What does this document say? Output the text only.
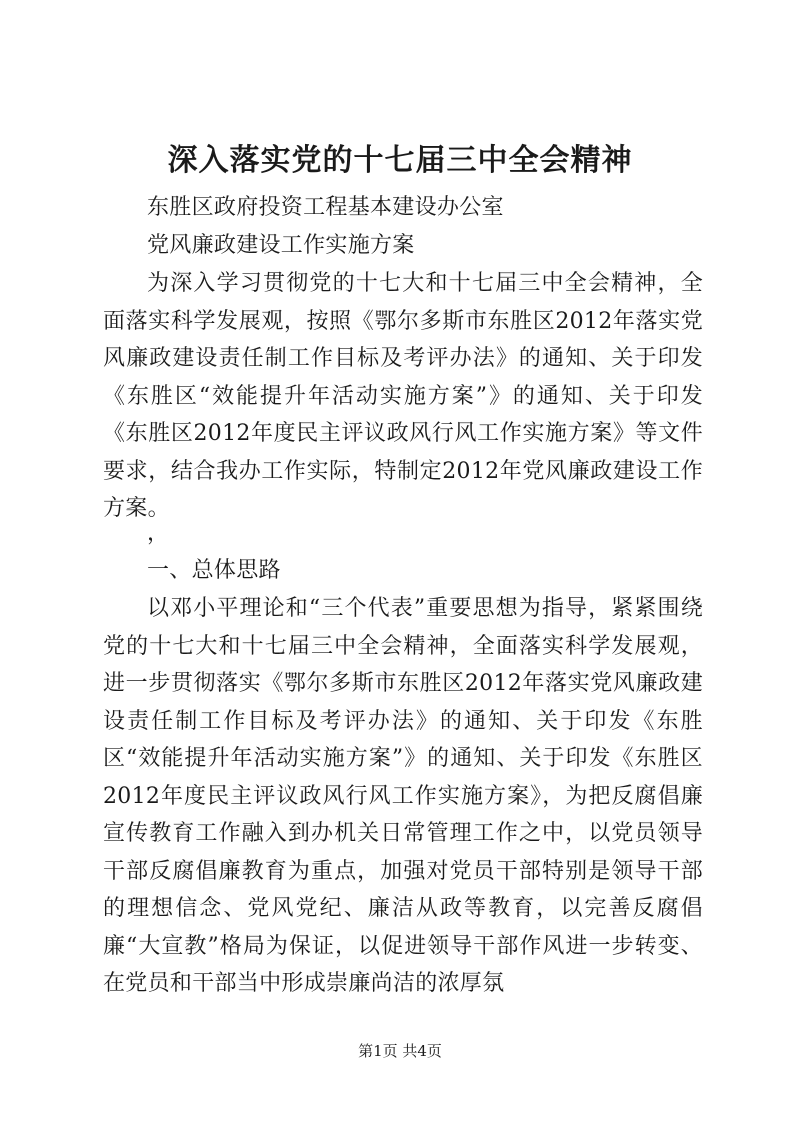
深入落实党的十七届三中全会精神
东胜区政府投资工程基本建设办公室
党风廉政建设工作实施方案
为深入学习贯彻党的十七大和十七届三中全会精神，全面落实科学发展观，按照《鄂尔多斯市东胜区2012年落实党风廉政建设责任制工作目标及考评办法》的通知、关于印发《东胜区“效能提升年活动实施方案”》的通知、关于印发《东胜区2012年度民主评议政风行风工作实施方案》等文件要求，结合我办工作实际，特制定2012年党风廉政建设工作方案。
，
一、总体思路
以邓小平理论和“三个代表”重要思想为指导，紧紧围绕党的十七大和十七届三中全会精神，全面落实科学发展观，进一步贯彻落实《鄂尔多斯市东胜区2012年落实党风廉政建设责任制工作目标及考评办法》的通知、关于印发《东胜区“效能提升年活动实施方案”》的通知、关于印发《东胜区2012年度民主评议政风行风工作实施方案》，为把反腐倡廉宣传教育工作融入到办机关日常管理工作之中，以党员领导干部反腐倡廉教育为重点，加强对党员干部特别是领导干部的理想信念、党风党纪、廉洁从政等教育，以完善反腐倡廉“大宣教”格局为保证，以促进领导干部作风进一步转变、在党员和干部当中形成崇廉尚洁的浓厚氛
第1页 共4页
